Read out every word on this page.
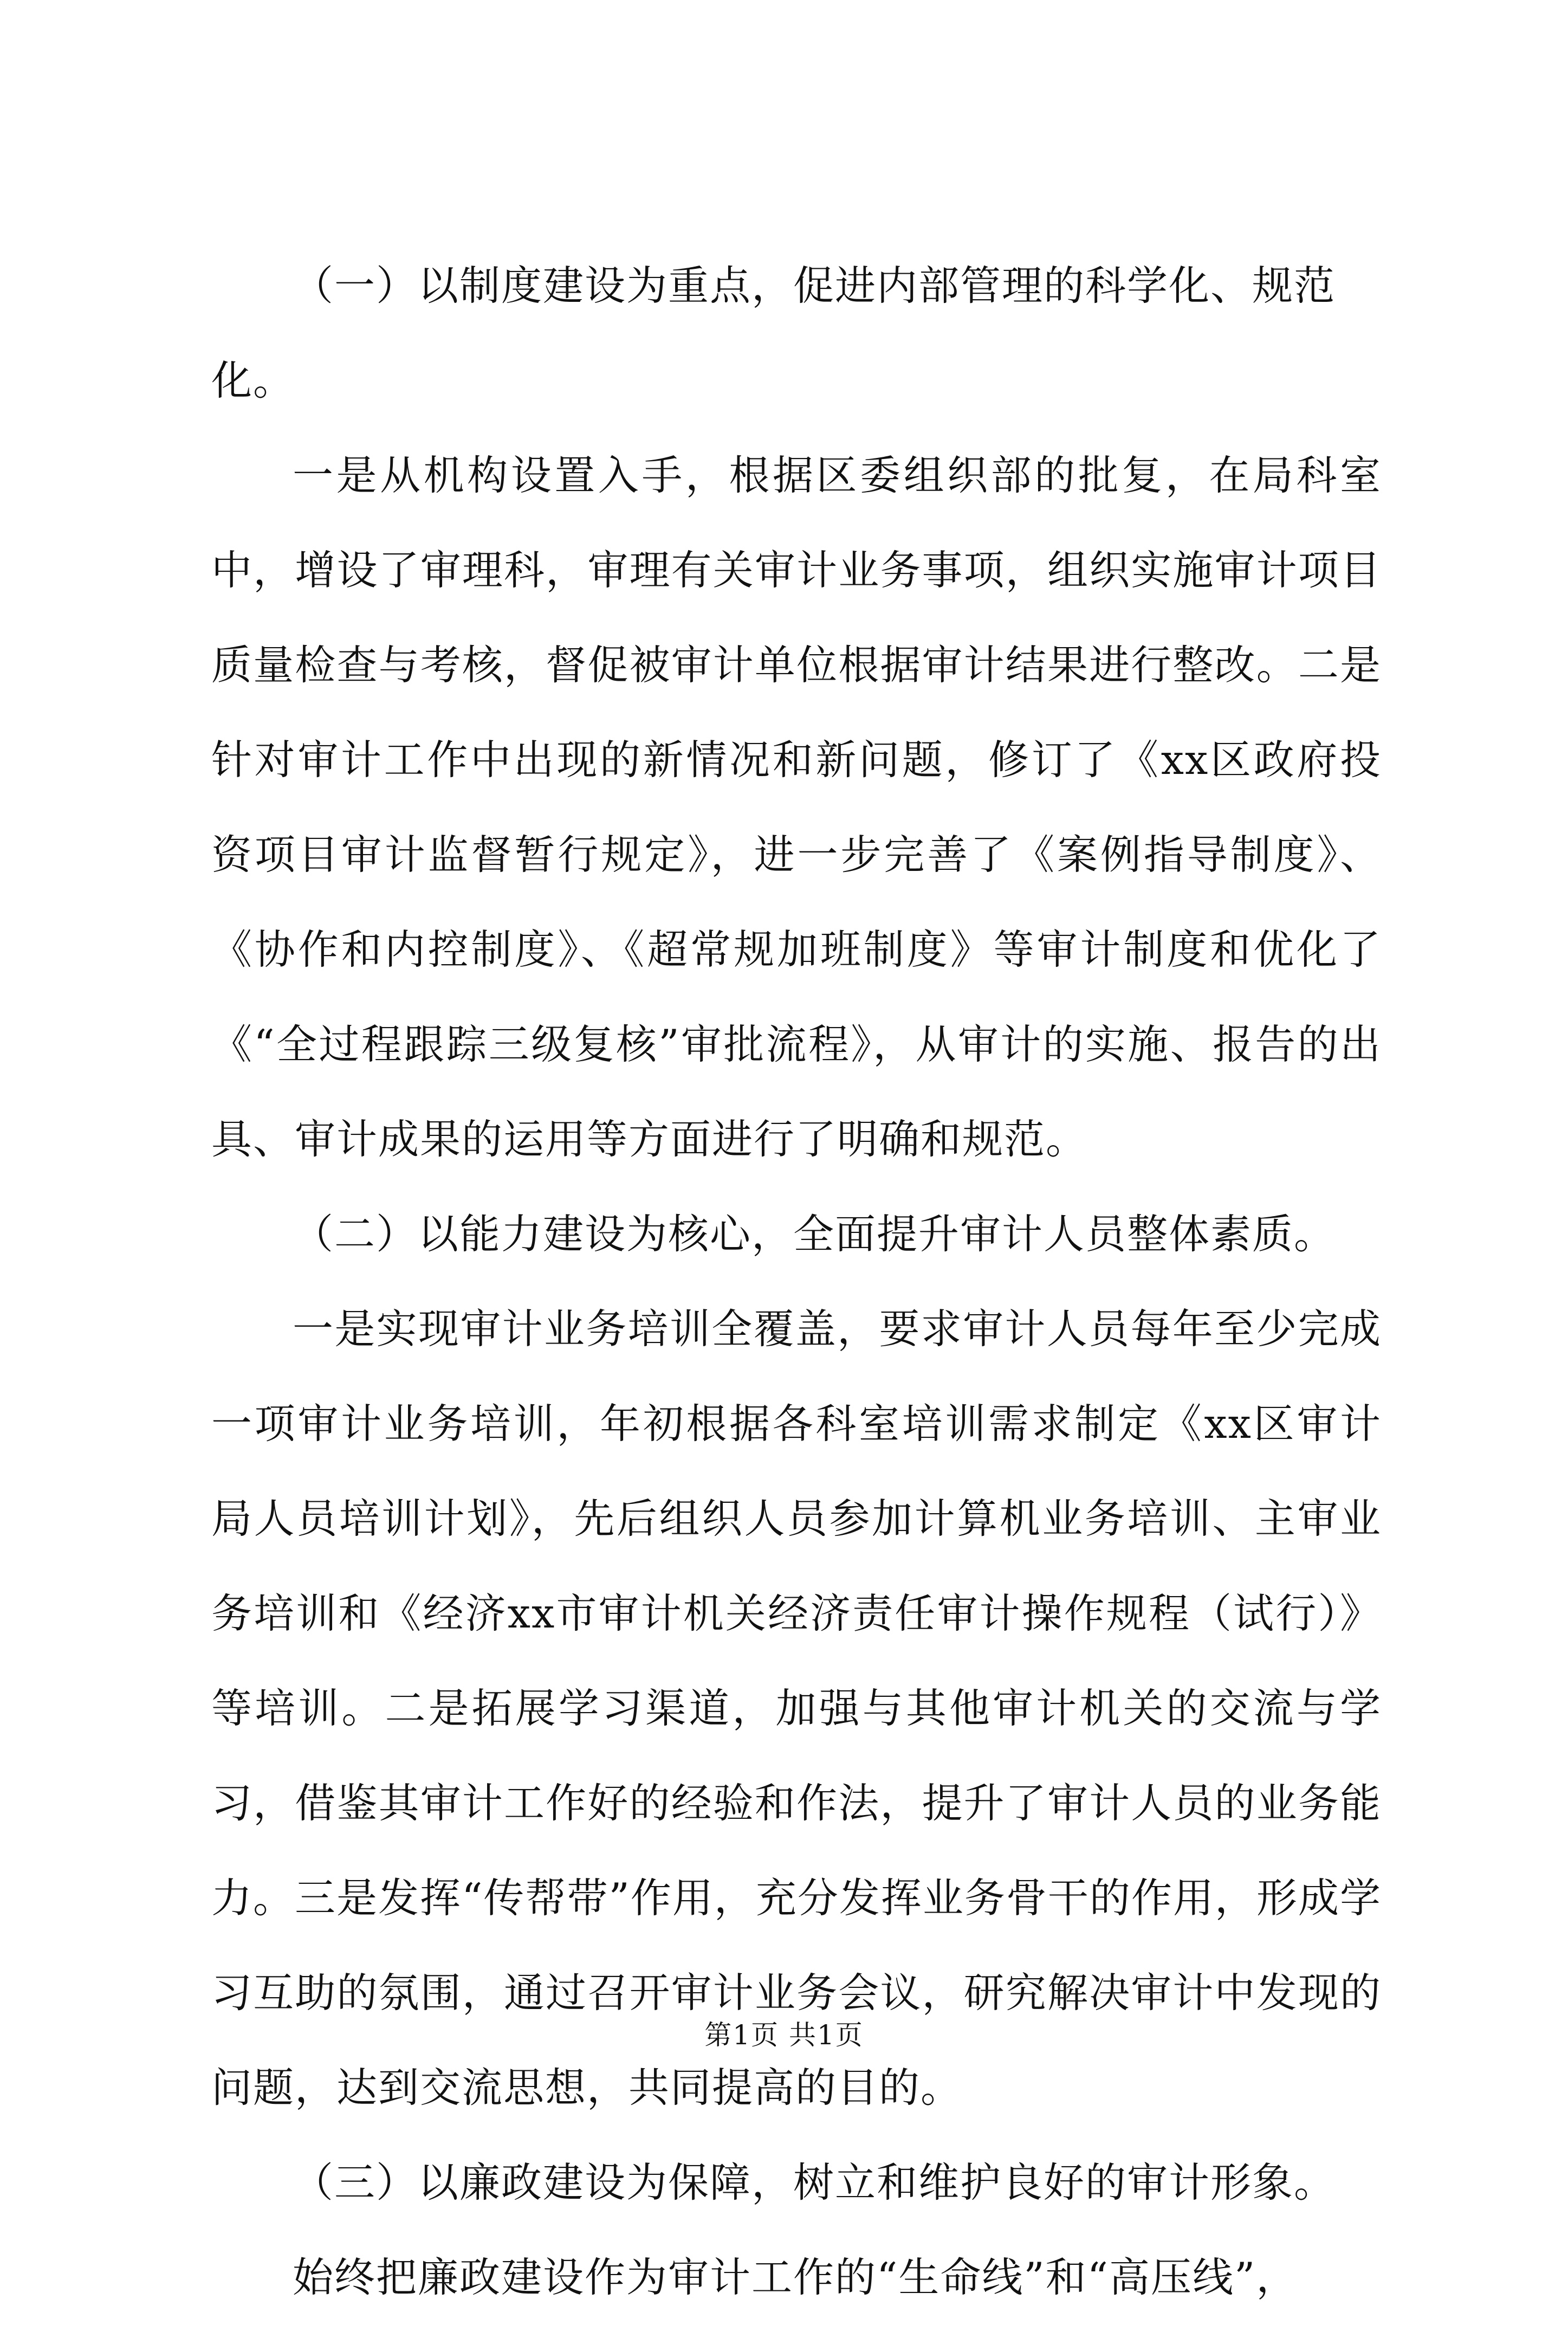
（一）以制度建设为重点，促进内部管理的科学化、规范化。

一是从机构设置入手，根据区委组织部的批复，在局科室中，增设了审理科，审理有关审计业务事项，组织实施审计项目质量检查与考核，督促被审计单位根据审计结果进行整改。二是针对审计工作中出现的新情况和新问题，修订了《xx区政府投资项目审计监督暂行规定》，进一步完善了《案例指导制度》、《协作和内控制度》、《超常规加班制度》等审计制度和优化了《“全过程跟踪三级复核”审批流程》，从审计的实施、报告的出具、审计成果的运用等方面进行了明确和规范。

（二）以能力建设为核心，全面提升审计人员整体素质。

一是实现审计业务培训全覆盖，要求审计人员每年至少完成一项审计业务培训，年初根据各科室培训需求制定《xx区审计局人员培训计划》，先后组织人员参加计算机业务培训、主审业务培训和《经济xx市审计机关经济责任审计操作规程（试行）》等培训。二是拓展学习渠道，加强与其他审计机关的交流与学习，借鉴其审计工作好的经验和作法，提升了审计人员的业务能力。三是发挥“传帮带”作用，充分发挥业务骨干的作用，形成学习互助的氛围，通过召开审计业务会议，研究解决审计中发现的问题，达到交流思想，共同提高的目的。

（三）以廉政建设为保障，树立和维护良好的审计形象。

始终把廉政建设作为审计工作的“生命线”和“高压线”，

第1页 共1页
